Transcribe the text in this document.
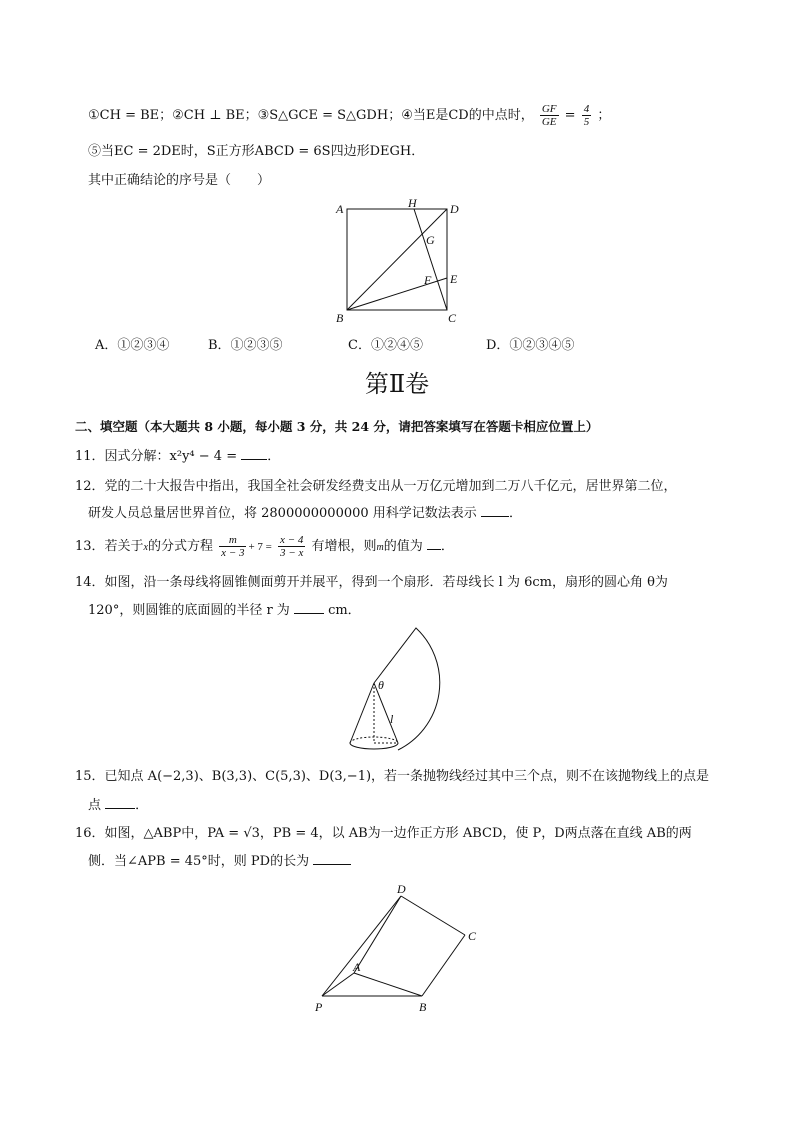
①CH = BE；②CH ⊥ BE；③S△GCE = S△GDH；④当E是CD的中点时， $\frac{GF}{GE} = \frac{4}{5}$ ；
⑤当EC = 2DE时，S正方形ABCD = 6S四边形DEGH．
其中正确结论的序号是（　　）
A	H	D
G
F E
B	C
A．①②③④	B．①②③⑤	C．①②④⑤	D．①②③④⑤
第Ⅱ卷
二、填空题（本大题共 8 小题，每小题 3 分，共 24 分，请把答案填写在答题卡相应位置上）
11．因式分解：x²y⁴ − 4 = ．
12．党的二十大报告中指出，我国全社会研发经费支出从一万亿元增加到二万八千亿元，居世界第二位，
研发人员总量居世界首位，将 2800000000000 用科学记数法表示 ．
13．若关于x的分式方程 $\frac{m}{x - 3} + 7 = \frac{x - 4}{3 - x}$ 有增根，则m的值为 ．
14．如图，沿一条母线将圆锥侧面剪开并展平，得到一个扇形．若母线长 l 为 6cm，扇形的圆心角 θ为
120°，则圆锥的底面圆的半径 r 为	cm．
θ
l
15．已知点 A(−2,3)、B(3,3)、C(5,3)、D(3,−1)，若一条抛物线经过其中三个点，则不在该抛物线上的点是
点	．
16．如图，△ABP中，PA = √3，PB = 4，以 AB为一边作正方形 ABCD，使 P，D两点落在直线 AB的两
侧．当∠APB = 45°时，则 PD的长为
D
C
A
P	B
